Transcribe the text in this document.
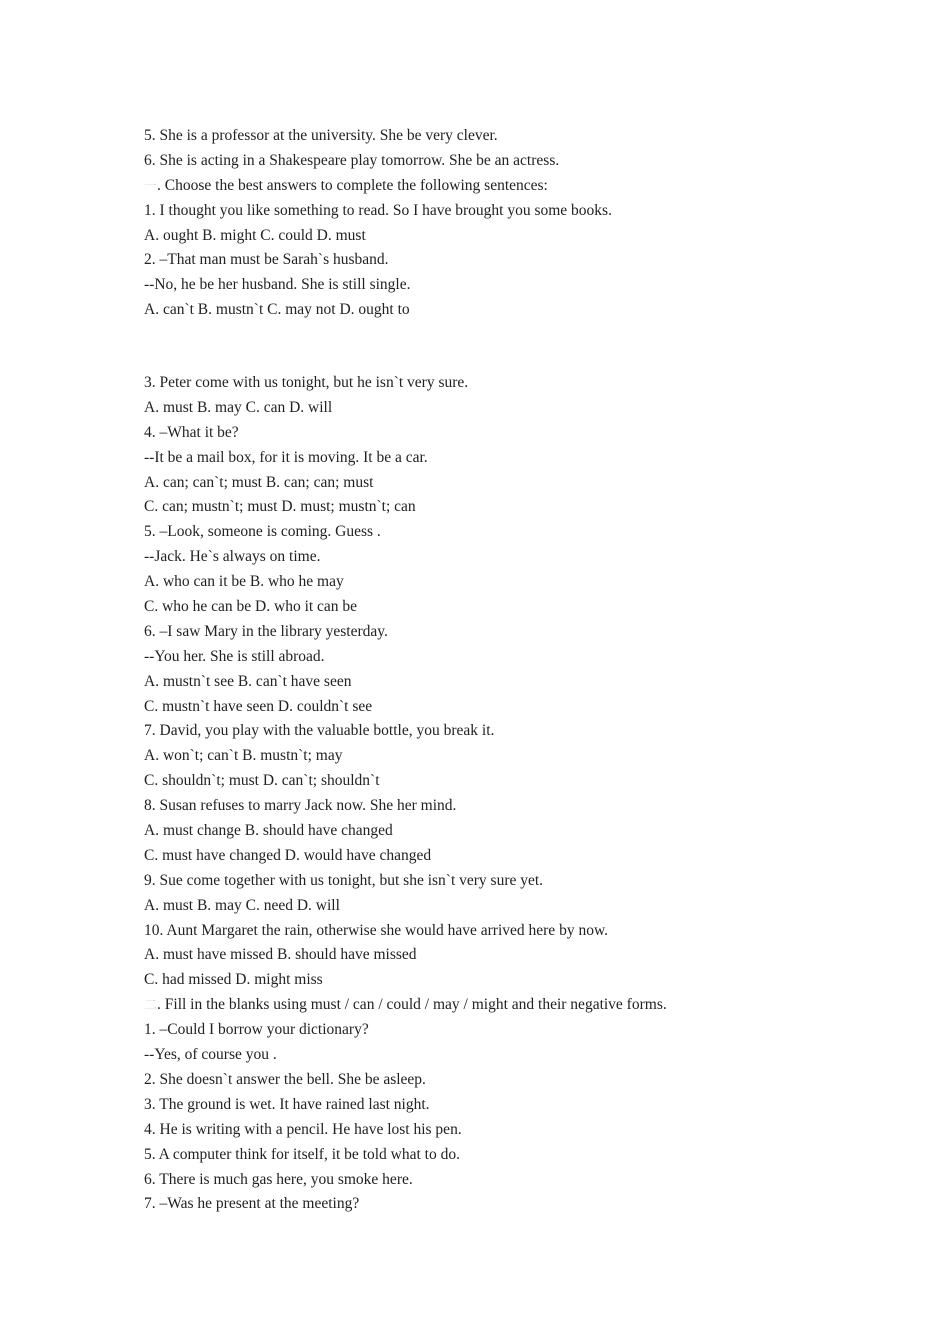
5. She is a professor at the university. She be very clever.
6. She is acting in a Shakespeare play tomorrow. She be an actress.
一. Choose the best answers to complete the following sentences:
1. I thought you like something to read. So I have brought you some books.
A. ought B. might C. could D. must
2. –That man must be Sarah`s husband.
--No, he be her husband. She is still single.
A. can`t B. mustn`t C. may not D. ought to
3. Peter come with us tonight, but he isn`t very sure.
A. must B. may C. can D. will
4. –What it be?
--It be a mail box, for it is moving. It be a car.
A. can; can`t; must B. can; can; must
C. can; mustn`t; must D. must; mustn`t; can
5. –Look, someone is coming. Guess .
--Jack. He`s always on time.
A. who can it be B. who he may
C. who he can be D. who it can be
6. –I saw Mary in the library yesterday.
--You her. She is still abroad.
A. mustn`t see B. can`t have seen
C. mustn`t have seen D. couldn`t see
7. David, you play with the valuable bottle, you break it.
A. won`t; can`t B. mustn`t; may
C. shouldn`t; must D. can`t; shouldn`t
8. Susan refuses to marry Jack now. She her mind.
A. must change B. should have changed
C. must have changed D. would have changed
9. Sue come together with us tonight, but she isn`t very sure yet.
A. must B. may C. need D. will
10. Aunt Margaret the rain, otherwise she would have arrived here by now.
A. must have missed B. should have missed
C. had missed D. might miss
二. Fill in the blanks using must / can / could / may / might and their negative forms.
1. –Could I borrow your dictionary?
--Yes, of course you .
2. She doesn`t answer the bell. She be asleep.
3. The ground is wet. It have rained last night.
4. He is writing with a pencil. He have lost his pen.
5. A computer think for itself, it be told what to do.
6. There is much gas here, you smoke here.
7. –Was he present at the meeting?
